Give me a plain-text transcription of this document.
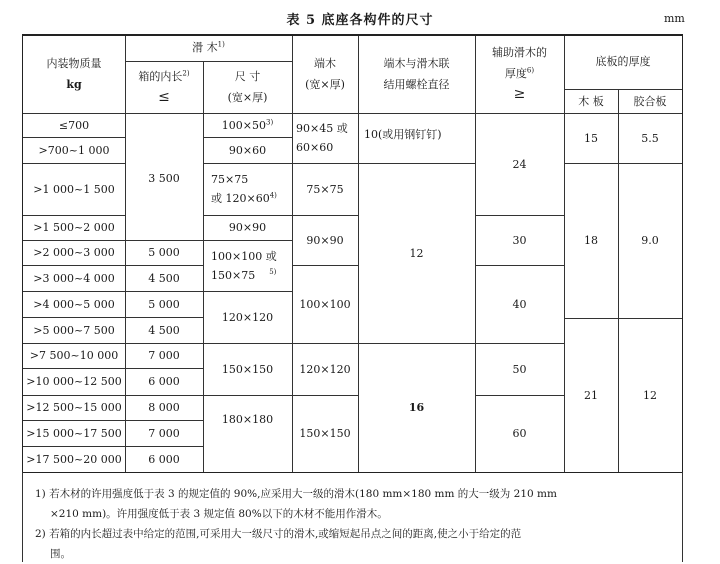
表 5 底座各构件的尺寸	mm
内装物质量
kg
滑 木$^{1)}$
箱的内长$^{2)}$
≤
尺 寸
(宽×厚)
端木
(宽×厚)
端木与滑木联
结用螺栓直径
辅助滑木的
厚度$^{6)}$
≥
底板的厚度
木 板	胶合板
≤700
>700~1 000
>1 000~1 500
>1 500~2 000
>2 000~3 000
>3 000~4 000
>4 000~5 000
>5 000~7 500
>7 500~10 000
>10 000~12 500
>12 500~15 000
>15 000~17 500
>17 500~20 000
3 500
5 000
4 500
5 000
4 500
7 000
6 000
8 000
7 000
6 000
$100\times 50^{3)}$
90×60
75×75
或 $120\times 60^{4)}$
90×90
100×100 或
150×75 $^{5)}$
120×120
150×150
180×180
90×45 或
60×60
75×75
90×90
100×100
120×120
150×150
10(或用钢钉钉)
12
16
24
30
40
50
60
15
18
21
5.5
9.0
12
1) 若木材的许用强度低于表 3 的规定值的 90%,应采用大一级的滑木(180 mm×180 mm 的大一级为 210 mm
×210 mm)。许用强度低于表 3 规定值 80%以下的木材不能用作滑木。
2) 若箱的内长超过表中给定的范围,可采用大一级尺寸的滑木,或缩短起吊点之间的距离,使之小于给定的范
围。
